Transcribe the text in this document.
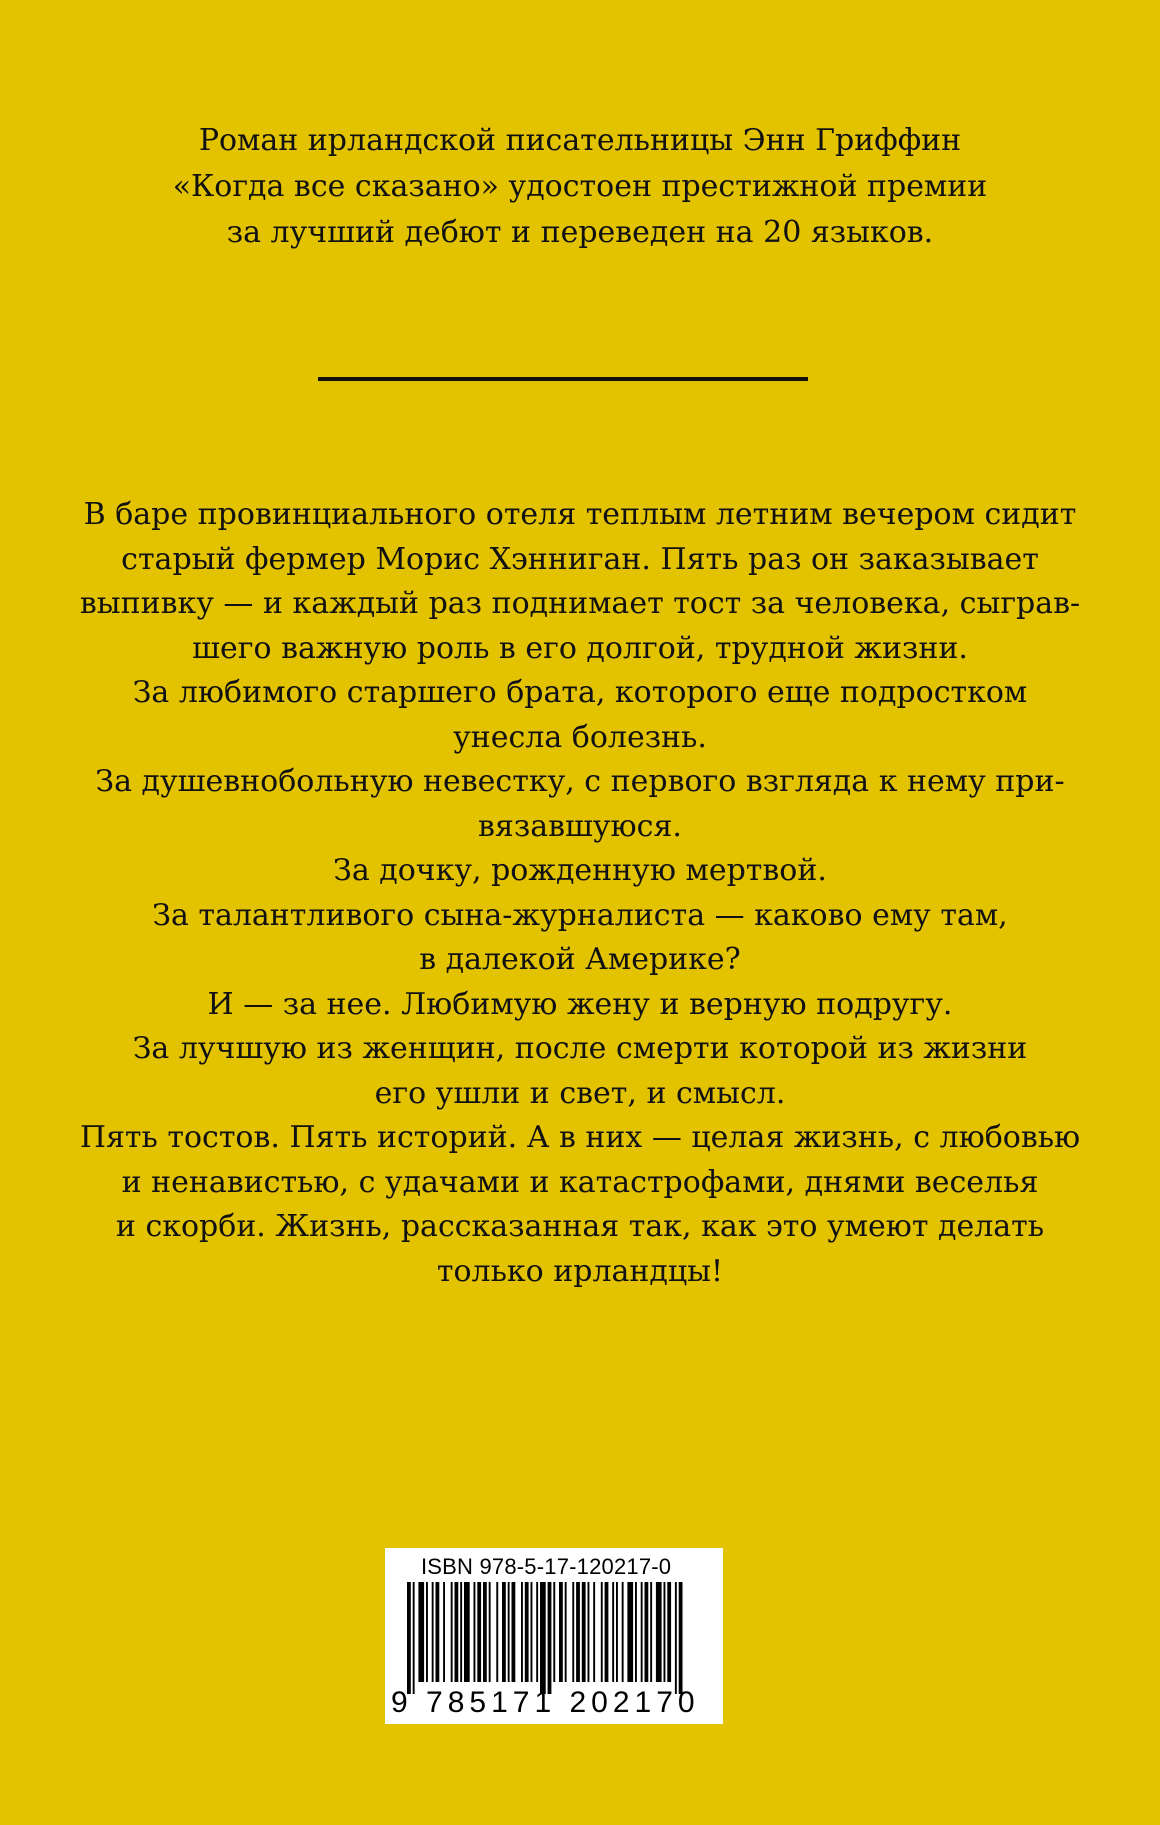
Роман ирландской писательницы Энн Гриффин
«Когда все сказано» удостоен престижной премии
за лучший дебют и переведен на 20 языков.
В баре провинциального отеля теплым летним вечером сидит
старый фермер Морис Хэнниган. Пять раз он заказывает
выпивку — и каждый раз поднимает тост за человека, сыграв-
шего важную роль в его долгой, трудной жизни.
За любимого старшего брата, которого еще подростком
унесла болезнь.
За душевнобольную невестку, с первого взгляда к нему при-
вязавшуюся.
За дочку, рожденную мертвой.
За талантливого сына-журналиста — каково ему там,
в далекой Америке?
И — за нее. Любимую жену и верную подругу.
За лучшую из женщин, после смерти которой из жизни
его ушли и свет, и смысл.
Пять тостов. Пять историй. А в них — целая жизнь, с любовью
и ненавистью, с удачами и катастрофами, днями веселья
и скорби. Жизнь, рассказанная так, как это умеют делать
только ирландцы!
ISBN 978-5-17-120217-0
9 785171 202170
